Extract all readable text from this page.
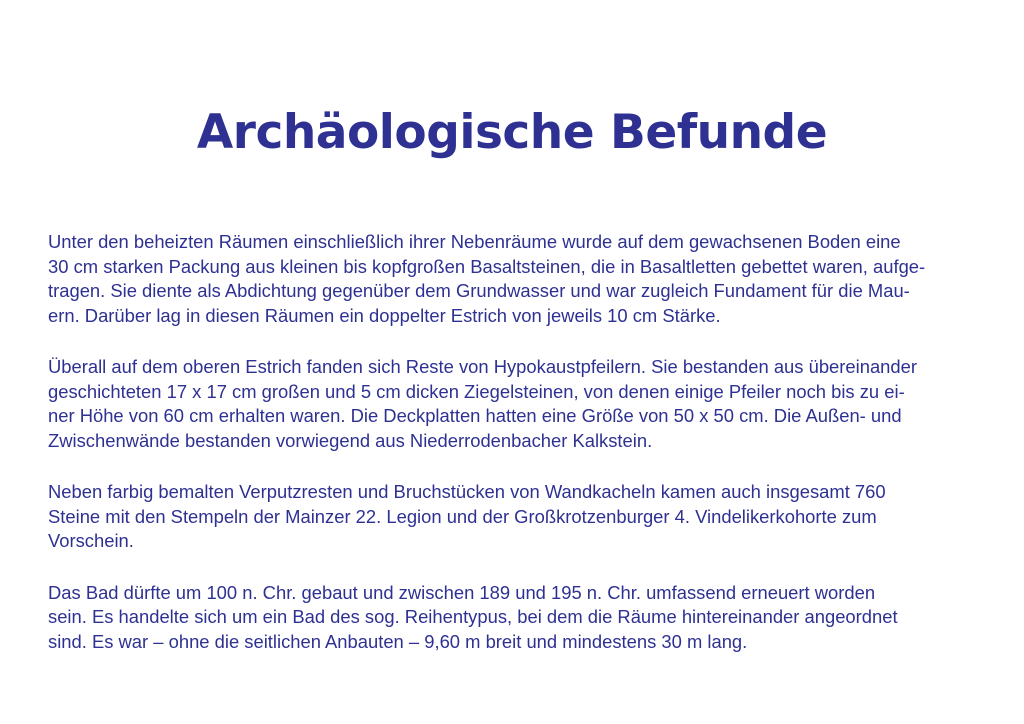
Archäologische Befunde

Unter den beheizten Räumen einschließlich ihrer Nebenräume wurde auf dem gewachsenen Boden eine
30 cm starken Packung aus kleinen bis kopfgroßen Basaltsteinen, die in Basaltletten gebettet waren, aufge-
tragen. Sie diente als Abdichtung gegenüber dem Grundwasser und war zugleich Fundament für die Mau-
ern. Darüber lag in diesen Räumen ein doppelter Estrich von jeweils 10 cm Stärke.

Überall auf dem oberen Estrich fanden sich Reste von Hypokaustpfeilern. Sie bestanden aus übereinander
geschichteten 17 x 17 cm großen und 5 cm dicken Ziegelsteinen, von denen einige Pfeiler noch bis zu ei-
ner Höhe von 60 cm erhalten waren. Die Deckplatten hatten eine Größe von 50 x 50 cm. Die Außen- und
Zwischenwände bestanden vorwiegend aus Niederrodenbacher Kalkstein.

Neben farbig bemalten Verputzresten und Bruchstücken von Wandkacheln kamen auch insgesamt 760
Steine mit den Stempeln der Mainzer 22. Legion und der Großkrotzenburger 4. Vindelikerkohorte zum
Vorschein.

Das Bad dürfte um 100 n. Chr. gebaut und zwischen 189 und 195 n. Chr. umfassend erneuert worden
sein. Es handelte sich um ein Bad des sog. Reihentypus, bei dem die Räume hintereinander angeordnet
sind. Es war – ohne die seitlichen Anbauten – 9,60 m breit und mindestens 30 m lang.
